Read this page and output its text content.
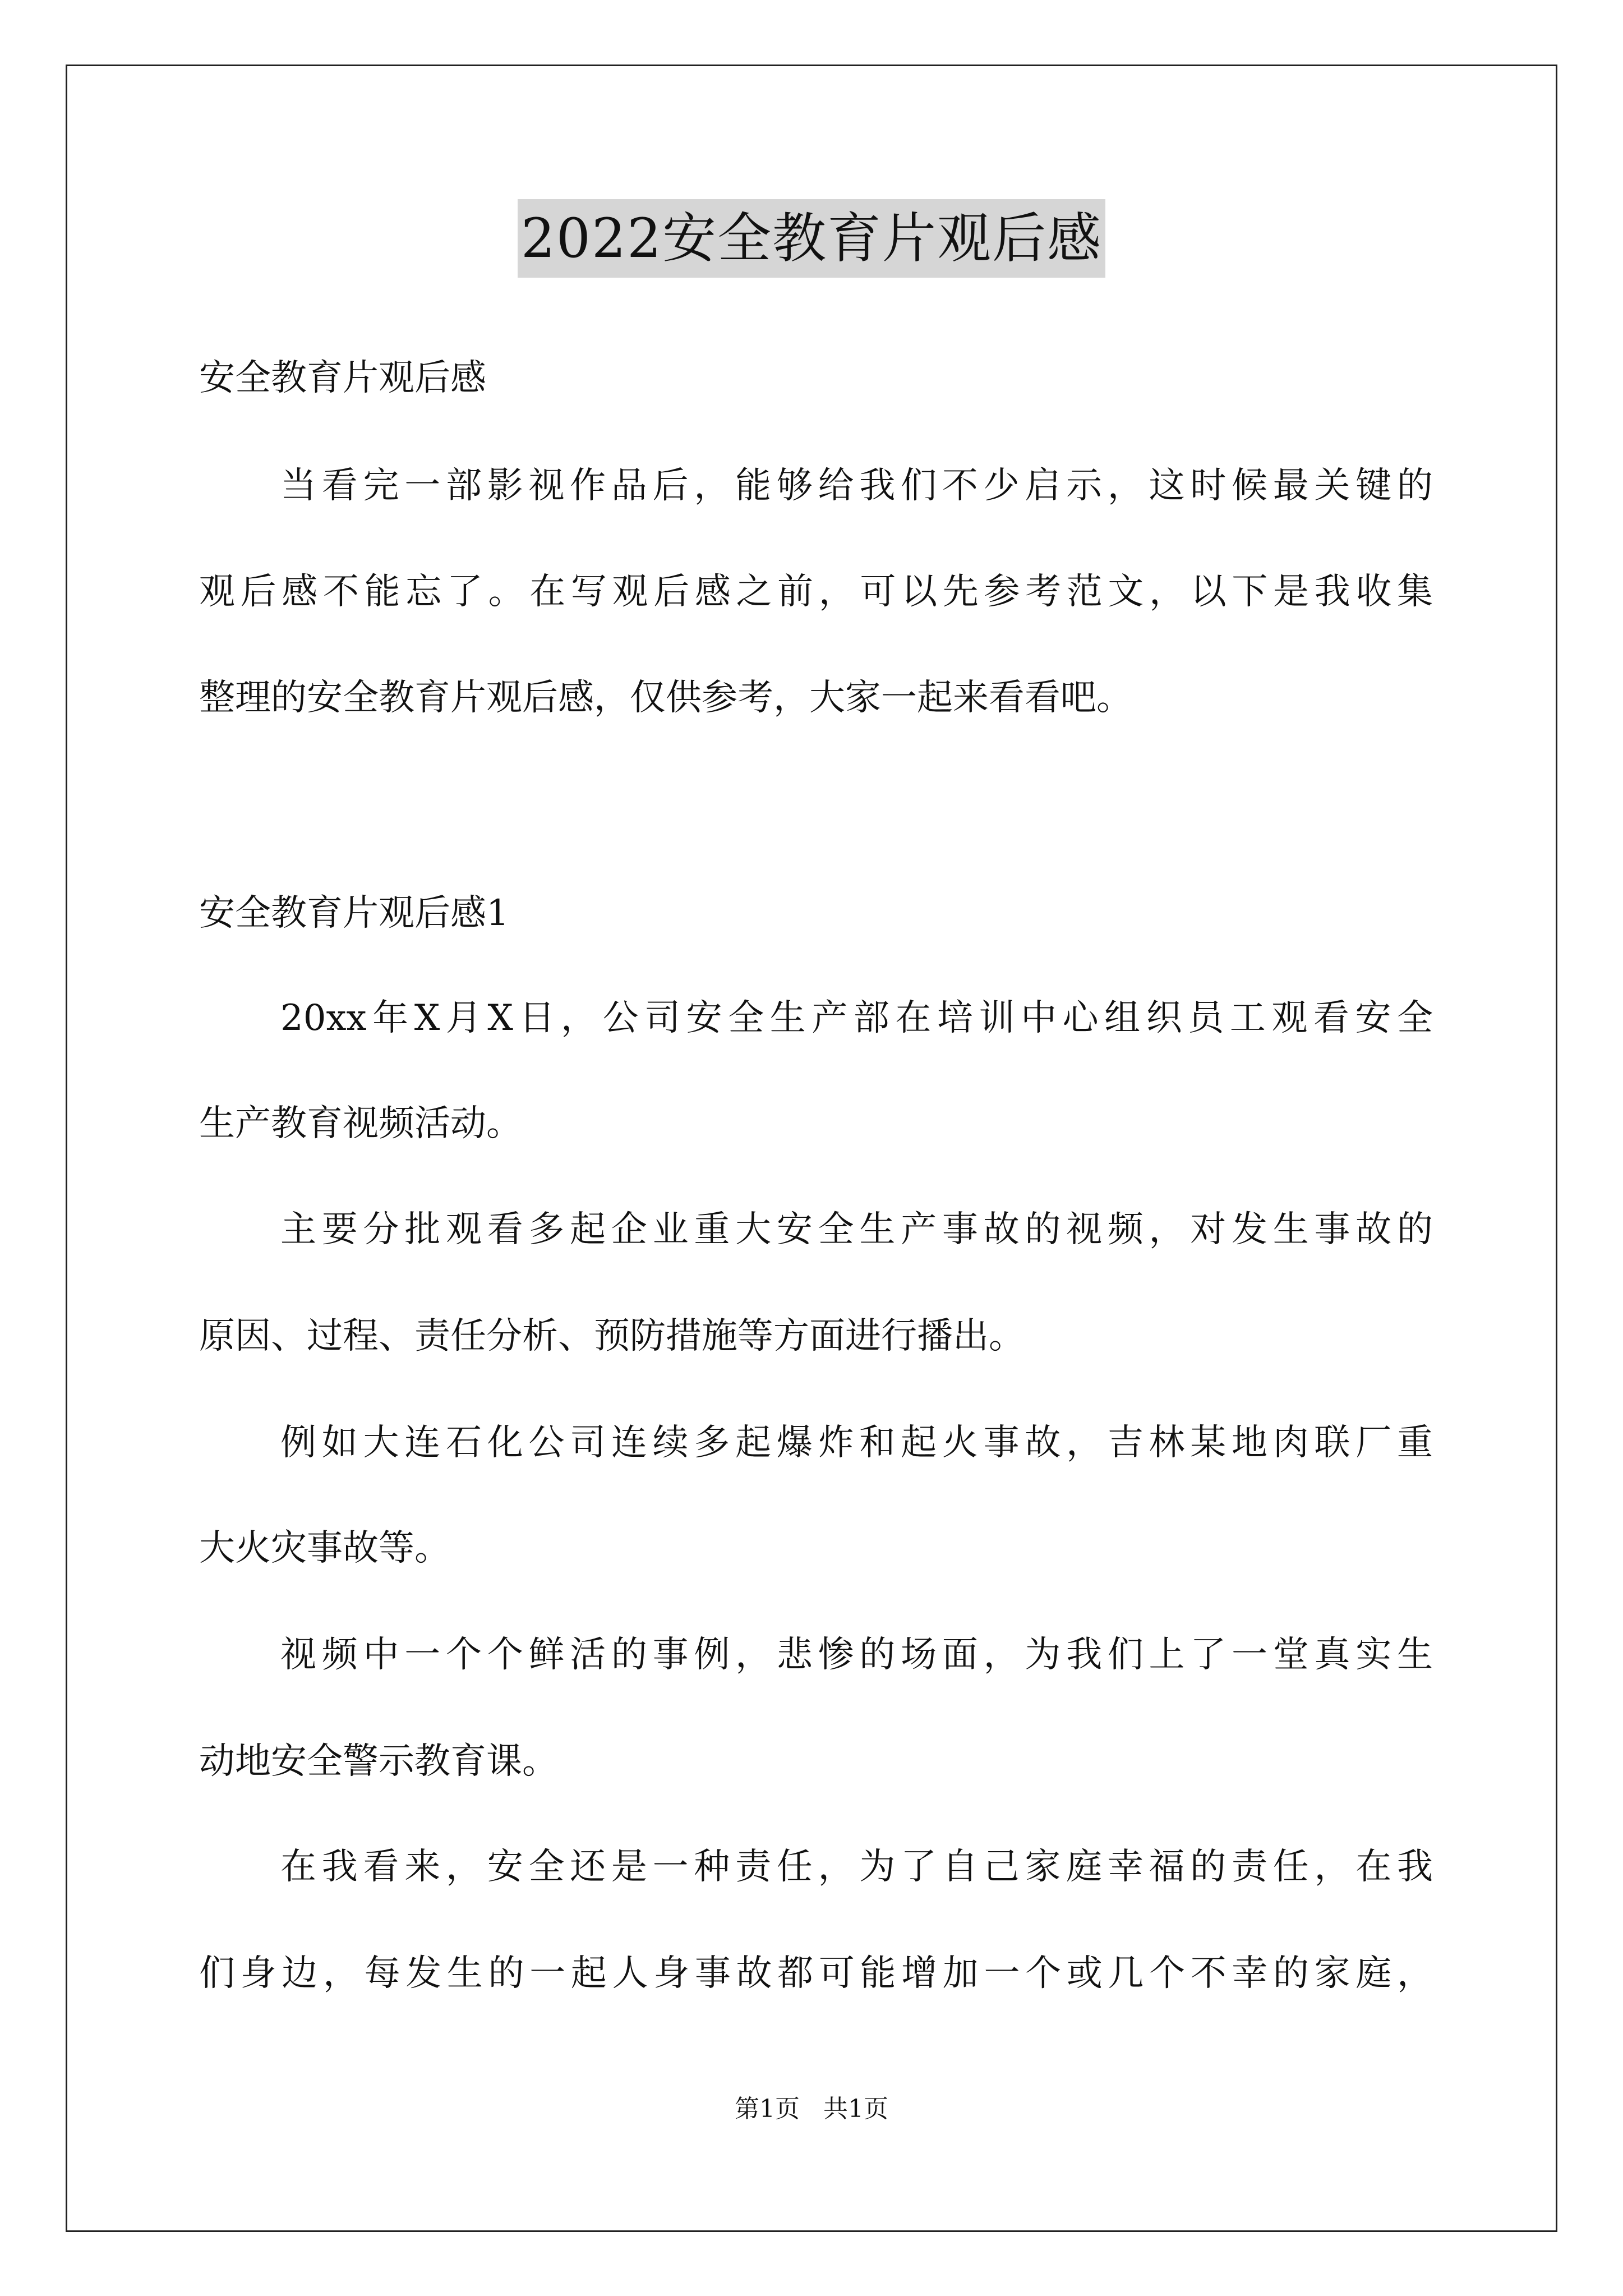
2022安全教育片观后感
安全教育片观后感
当看完一部影视作品后，能够给我们不少启示，这时候最关键的
观后感不能忘了。在写观后感之前，可以先参考范文，以下是我收集
整理的安全教育片观后感，仅供参考，大家一起来看看吧。
安全教育片观后感1
20xx年X月X日，公司安全生产部在培训中心组织员工观看安全
生产教育视频活动。
主要分批观看多起企业重大安全生产事故的视频，对发生事故的
原因、过程、责任分析、预防措施等方面进行播出。
例如大连石化公司连续多起爆炸和起火事故，吉林某地肉联厂重
大火灾事故等。
视频中一个个鲜活的事例，悲惨的场面，为我们上了一堂真实生
动地安全警示教育课。
在我看来，安全还是一种责任，为了自己家庭幸福的责任，在我
们身边，每发生的一起人身事故都可能增加一个或几个不幸的家庭，
第1页   共1页
